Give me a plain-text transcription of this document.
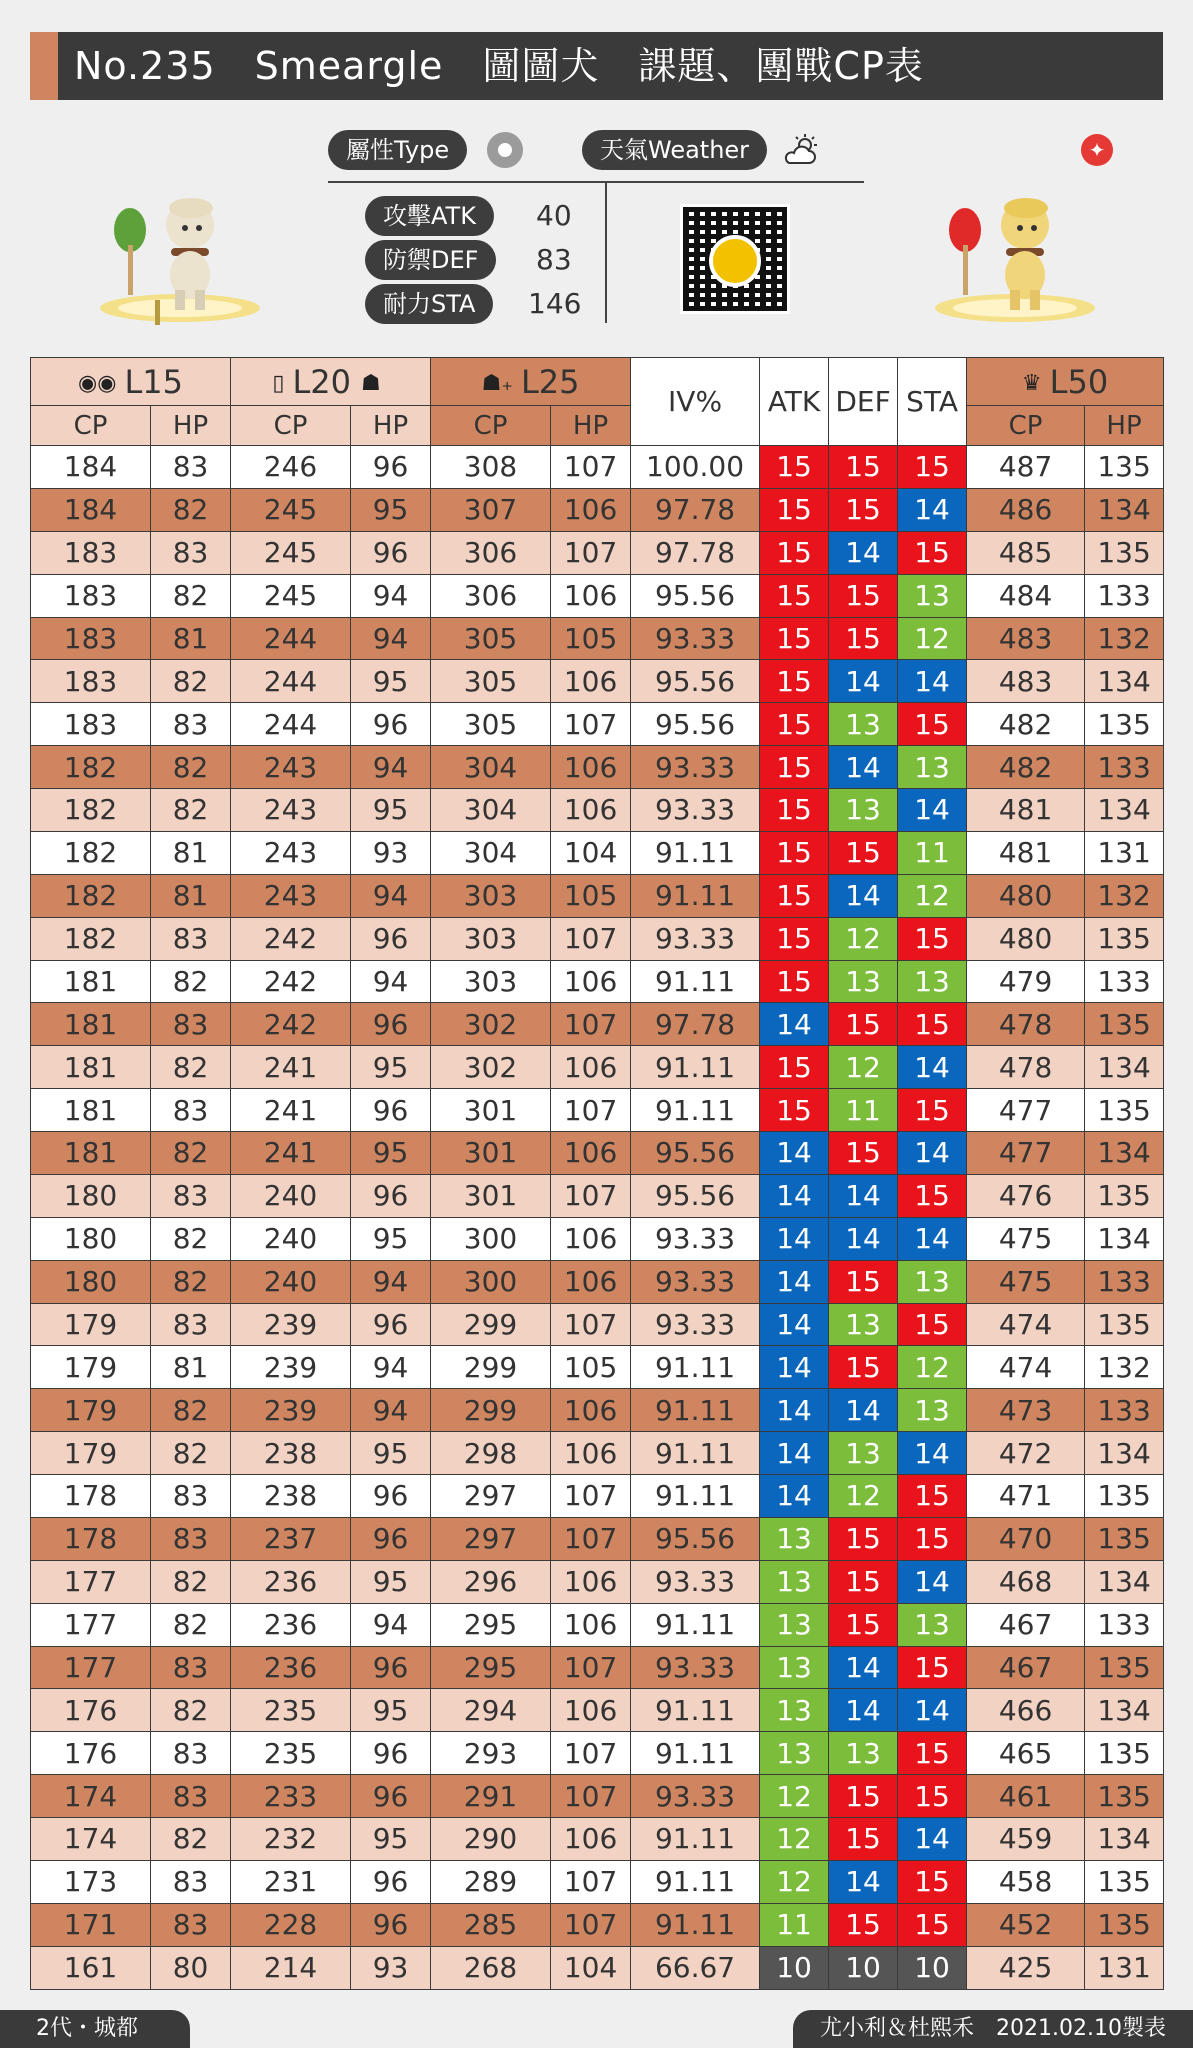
No.235　Smeargle　圖圖犬　課題、團戰CP表
✦
屬性Type	天氣Weather
攻擊ATK	40
防禦DEF	83
耐力STA	146
◉◉ L15		▯ L20 ☗		☗₊ L25		IV%	ATK	DEF	STA	♛ L50	
CP	HP	CP	HP	CP	HP					CP	HP
184	83	246	96	308	107	100.00	15	15	15	487	135
184	82	245	95	307	106	97.78	15	15	14	486	134
183	83	245	96	306	107	97.78	15	14	15	485	135
183	82	245	94	306	106	95.56	15	15	13	484	133
183	81	244	94	305	105	93.33	15	15	12	483	132
183	82	244	95	305	106	95.56	15	14	14	483	134
183	83	244	96	305	107	95.56	15	13	15	482	135
182	82	243	94	304	106	93.33	15	14	13	482	133
182	82	243	95	304	106	93.33	15	13	14	481	134
182	81	243	93	304	104	91.11	15	15	11	481	131
182	81	243	94	303	105	91.11	15	14	12	480	132
182	83	242	96	303	107	93.33	15	12	15	480	135
181	82	242	94	303	106	91.11	15	13	13	479	133
181	83	242	96	302	107	97.78	14	15	15	478	135
181	82	241	95	302	106	91.11	15	12	14	478	134
181	83	241	96	301	107	91.11	15	11	15	477	135
181	82	241	95	301	106	95.56	14	15	14	477	134
180	83	240	96	301	107	95.56	14	14	15	476	135
180	82	240	95	300	106	93.33	14	14	14	475	134
180	82	240	94	300	106	93.33	14	15	13	475	133
179	83	239	96	299	107	93.33	14	13	15	474	135
179	81	239	94	299	105	91.11	14	15	12	474	132
179	82	239	94	299	106	91.11	14	14	13	473	133
179	82	238	95	298	106	91.11	14	13	14	472	134
178	83	238	96	297	107	91.11	14	12	15	471	135
178	83	237	96	297	107	95.56	13	15	15	470	135
177	82	236	95	296	106	93.33	13	15	14	468	134
177	82	236	94	295	106	91.11	13	15	13	467	133
177	83	236	96	295	107	93.33	13	14	15	467	135
176	82	235	95	294	106	91.11	13	14	14	466	134
176	83	235	96	293	107	91.11	13	13	15	465	135
174	83	233	96	291	107	93.33	12	15	15	461	135
174	82	232	95	290	106	91.11	12	15	14	459	134
173	83	231	96	289	107	91.11	12	14	15	458	135
171	83	228	96	285	107	91.11	11	15	15	452	135
161	80	214	93	268	104	66.67	10	10	10	425	131
2代・城都	尤小利＆杜熙禾　2021.02.10製表
